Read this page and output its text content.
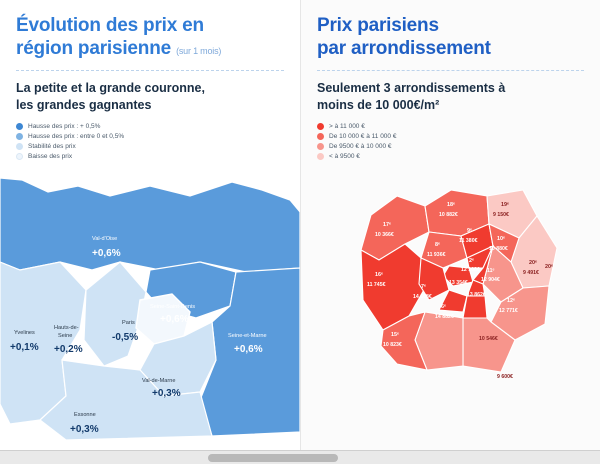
Val-d'Oise
+0,6%
Seine-Saint-Denis
+0,6%
Yvelines
+0,1%
Hauts-de-
Seine
+0,2%
Paris
-0,5%	Seine-et-Marne
+0,6%
Val-de-Marne
+0,3%
Essonne
+0,3%
Évolution des prix en
région parisienne (sur 1 mois)
La petite et la grande couronne,
les grandes gagnantes
Hausse des prix : + 0,5%
Hausse des prix : entre 0 et 0,5%
Stabilité des prix
Baisse des prix
17ᵉ
10 366€
18ᵉ
10 882€
19ᵉ
9 150€
20ᵉ
9 491€
8ᵉ
11 936€
9ᵉ
11 380€	10ᵉ
10 880€
11ᵉ
12 904€
2ᵉ
12 108€
13 354€
13 862€
16ᵉ
11 745€	7ᵉ
14 668€
6ᵉ
14 882€
12ᵉ
12 771€
10 546€
9 600€
15ᵉ
10 823€
20ᵉ
Prix parisiens
par arrondissement
Seulement 3 arrondissements à
moins de 10 000€/m²
> à 11 000 €
De 10 000 € à 11 000 €
De 9500 € à 10 000 €
< à 9500 €
